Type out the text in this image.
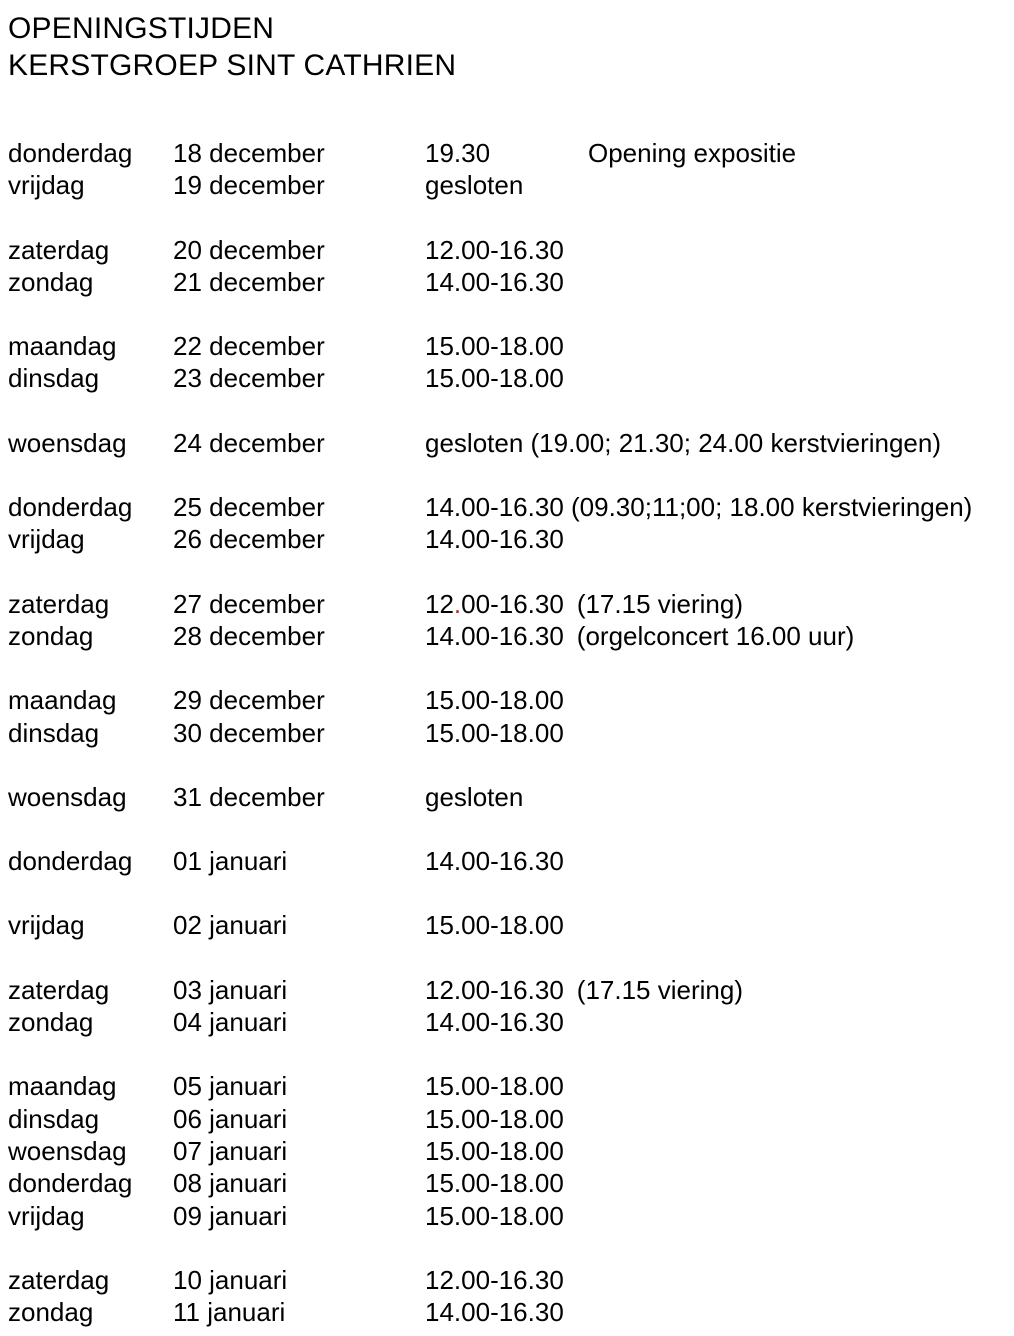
OPENINGSTIJDEN
KERSTGROEP SINT CATHRIEN
donderdag	18 december	19.30	Opening expositie
vrijdag	19 december	gesloten
zaterdag	20 december	12.00-16.30
zondag	21 december	14.00-16.30
maandag	22 december	15.00-18.00
dinsdag	23 december	15.00-18.00
woensdag	24 december	gesloten (19.00; 21.30; 24.00 kerstvieringen)
donderdag	25 december	14.00-16.30 (09.30;11;00; 18.00 kerstvieringen)
vrijdag	26 december	14.00-16.30
zaterdag	27 december	12.00-16.30 (17.15 viering)
zondag	28 december	14.00-16.30 (orgelconcert 16.00 uur)
maandag	29 december	15.00-18.00
dinsdag	30 december	15.00-18.00
woensdag	31 december	gesloten
donderdag	01 januari	14.00-16.30
vrijdag	02 januari	15.00-18.00
zaterdag	03 januari	12.00-16.30 (17.15 viering)
zondag	04 januari	14.00-16.30
maandag	05 januari	15.00-18.00
dinsdag	06 januari	15.00-18.00
woensdag	07 januari	15.00-18.00
donderdag	08 januari	15.00-18.00
vrijdag	09 januari	15.00-18.00
zaterdag	10 januari	12.00-16.30
zondag	11 januari	14.00-16.30
